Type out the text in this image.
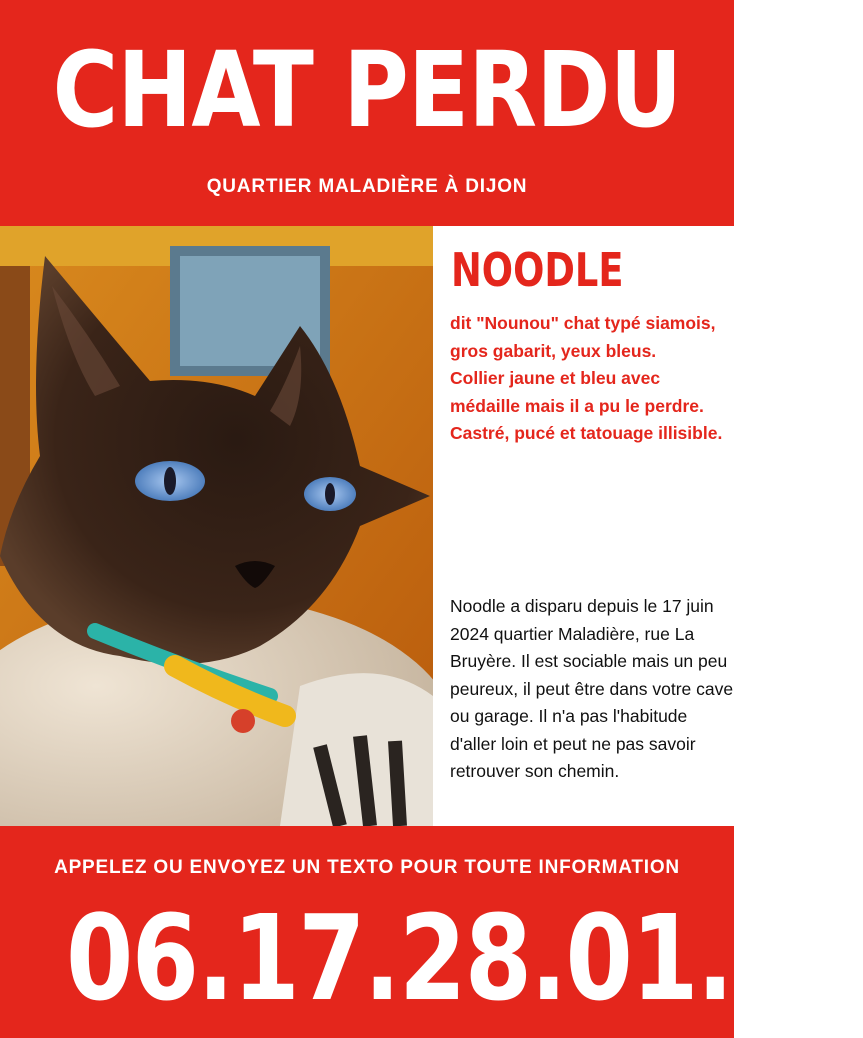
CHAT PERDU
QUARTIER MALADIÈRE À DIJON
NOODLE
dit "Nounou" chat typé siamois, gros gabarit, yeux bleus.
Collier jaune et bleu avec médaille mais il a pu le perdre.
Castré, pucé et tatouage illisible.
Noodle a disparu depuis le 17 juin 2024 quartier Maladière, rue La Bruyère. Il est sociable mais un peu peureux, il peut être dans votre cave ou garage. Il n'a pas l'habitude d'aller loin et peut ne pas savoir retrouver son chemin.
APPELEZ OU ENVOYEZ UN TEXTO POUR TOUTE INFORMATION
06.17.28.01.67
